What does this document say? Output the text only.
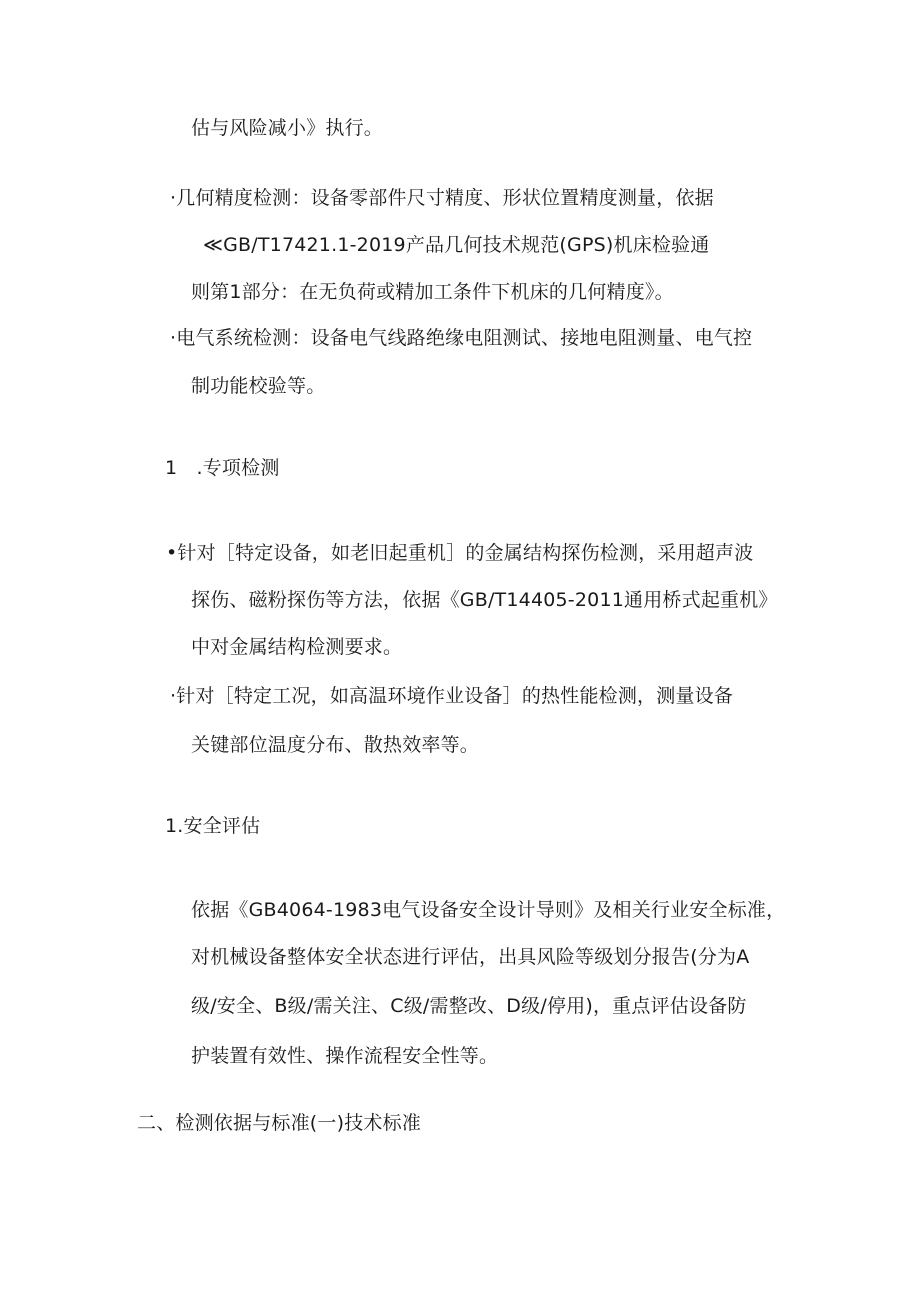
估与风险减小》执行。
·几何精度检测：设备零部件尺寸精度、形状位置精度测量，依据
≪GB/T17421.1-2019产品几何技术规范(GPS)机床检验通
则第1部分：在无负荷或精加工条件下机床的几何精度》。
·电气系统检测：设备电气线路绝缘电阻测试、接地电阻测量、电气控
制功能校验等。
1 .专项检测
•针对［特定设备，如老旧起重机］的金属结构探伤检测，采用超声波
探伤、磁粉探伤等方法，依据《GB/T14405-2011通用桥式起重机》
中对金属结构检测要求。
·针对［特定工况，如高温环境作业设备］的热性能检测，测量设备
关键部位温度分布、散热效率等。
1.安全评估
依据《GB4064-1983电气设备安全设计导则》及相关行业安全标准，
对机械设备整体安全状态进行评估，出具风险等级划分报告(分为A
级/安全、B级/需关注、C级/需整改、D级/停用)，重点评估设备防
护装置有效性、操作流程安全性等。
二、检测依据与标准(一)技术标准
